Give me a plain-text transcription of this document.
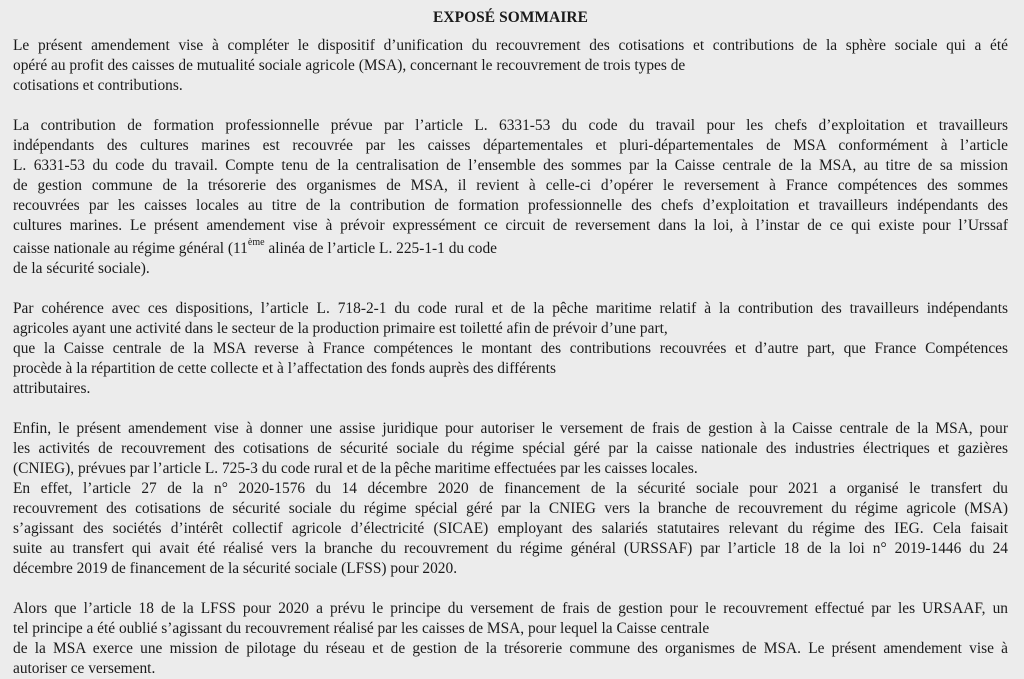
EXPOSÉ SOMMAIRE
Le présent amendement vise à compléter le dispositif d’unification du recouvrement des cotisations et contributions de la sphère sociale qui a été
opéré au profit des caisses de mutualité sociale agricole (MSA), concernant le recouvrement de trois types de
cotisations et contributions.
La contribution de formation professionnelle prévue par l’article L. 6331-53 du code du travail pour les chefs d’exploitation et travailleurs
indépendants des cultures marines est recouvrée par les caisses départementales et pluri-départementales de MSA conformément à l’article
L. 6331-53 du code du travail. Compte tenu de la centralisation de l’ensemble des sommes par la Caisse centrale de la MSA, au titre de sa mission
de gestion commune de la trésorerie des organismes de MSA, il revient à celle-ci d’opérer le reversement à France compétences des sommes
recouvrées par les caisses locales au titre de la contribution de formation professionnelle des chefs d’exploitation et travailleurs indépendants des
cultures marines. Le présent amendement vise à prévoir expressément ce circuit de reversement dans la loi, à l’instar de ce qui existe pour l’Urssaf
caisse nationale au régime général (11ème alinéa de l’article L. 225-1-1 du code
de la sécurité sociale).
Par cohérence avec ces dispositions, l’article L. 718-2-1 du code rural et de la pêche maritime relatif à la contribution des travailleurs indépendants
agricoles ayant une activité dans le secteur de la production primaire est toiletté afin de prévoir d’une part,
que la Caisse centrale de la MSA reverse à France compétences le montant des contributions recouvrées et d’autre part, que France Compétences
procède à la répartition de cette collecte et à l’affectation des fonds auprès des différents
attributaires.
Enfin, le présent amendement vise à donner une assise juridique pour autoriser le versement de frais de gestion à la Caisse centrale de la MSA, pour
les activités de recouvrement des cotisations de sécurité sociale du régime spécial géré par la caisse nationale des industries électriques et gazières
(CNIEG), prévues par l’article L. 725-3 du code rural et de la pêche maritime effectuées par les caisses locales.
En effet, l’article 27 de la n° 2020-1576 du 14 décembre 2020 de financement de la sécurité sociale pour 2021 a organisé le transfert du
recouvrement des cotisations de sécurité sociale du régime spécial géré par la CNIEG vers la branche de recouvrement du régime agricole (MSA)
s’agissant des sociétés d’intérêt collectif agricole d’électricité (SICAE) employant des salariés statutaires relevant du régime des IEG. Cela faisait
suite au transfert qui avait été réalisé vers la branche du recouvrement du régime général (URSSAF) par l’article 18 de la loi n° 2019-1446 du 24
décembre 2019 de financement de la sécurité sociale (LFSS) pour 2020.
Alors que l’article 18 de la LFSS pour 2020 a prévu le principe du versement de frais de gestion pour le recouvrement effectué par les URSAAF, un
tel principe a été oublié s’agissant du recouvrement réalisé par les caisses de MSA, pour lequel la Caisse centrale
de la MSA exerce une mission de pilotage du réseau et de gestion de la trésorerie commune des organismes de MSA. Le présent amendement vise à
autoriser ce versement.
